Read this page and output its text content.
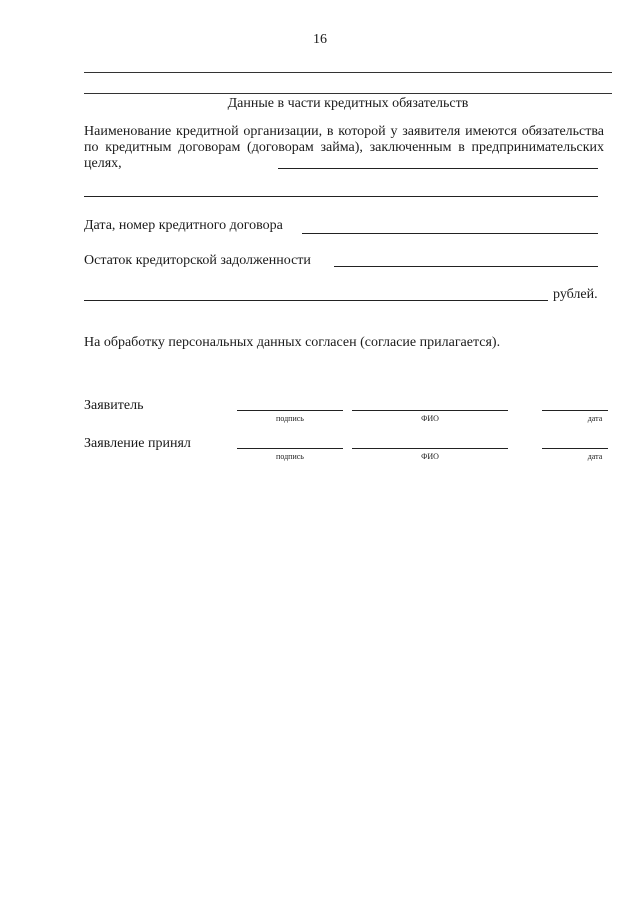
16
Данные в части кредитных обязательств
Наименование кредитной организации, в которой у заявителя имеются обязательства по кредитным договорам (договорам займа), заключенным в предпринимательских целях,
Дата, номер кредитного договора
Остаток кредиторской задолженности
рублей.
На обработку персональных данных согласен (согласие прилагается).
Заявитель
подпись	ФИО	дата
Заявление принял
подпись	ФИО	дата
